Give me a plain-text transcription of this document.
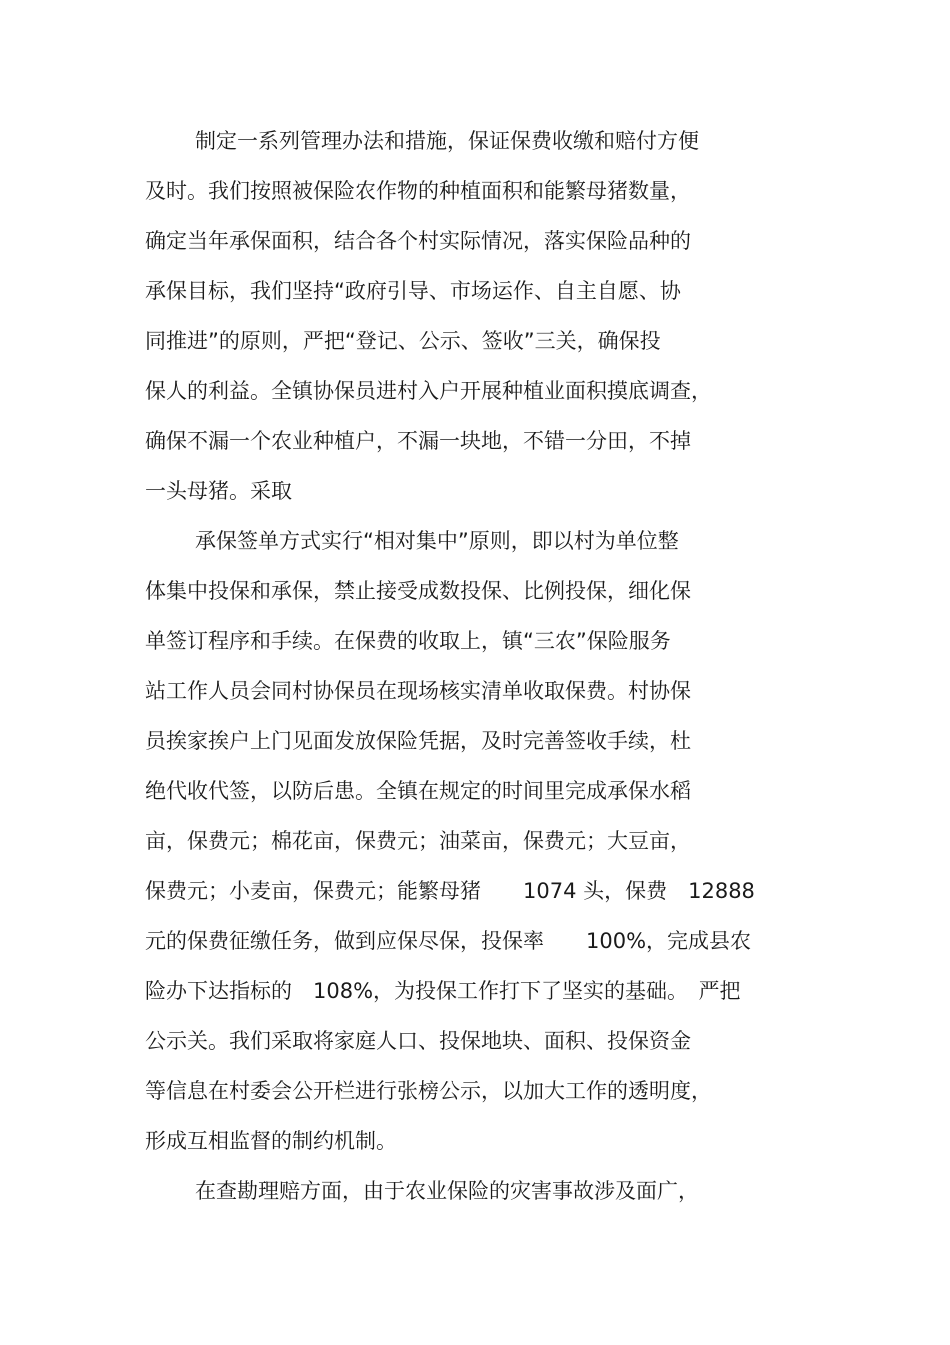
制定一系列管理办法和措施，保证保费收缴和赔付方便

及时。我们按照被保险农作物的种植面积和能繁母猪数量，

确定当年承保面积，结合各个村实际情况，落实保险品种的

承保目标，我们坚持“政府引导、市场运作、自主自愿、协

同推进”的原则，严把“登记、公示、签收”三关，确保投

保人的利益。全镇协保员进村入户开展种植业面积摸底调查，

确保不漏一个农业种植户，不漏一块地，不错一分田，不掉

一头母猪。采取

承保签单方式实行“相对集中”原则，即以村为单位整

体集中投保和承保，禁止接受成数投保、比例投保，细化保

单签订程序和手续。在保费的收取上，镇“三农”保险服务

站工作人员会同村协保员在现场核实清单收取保费。村协保

员挨家挨户上门见面发放保险凭据，及时完善签收手续，杜

绝代收代签，以防后患。全镇在规定的时间里完成承保水稻

亩，保费元；棉花亩，保费元；油菜亩，保费元；大豆亩，

保费元；小麦亩，保费元；能繁母猪　　1074 头，保费　12888

元的保费征缴任务，做到应保尽保，投保率　　100%，完成县农

险办下达指标的　108%，为投保工作打下了坚实的基础。　严把

公示关。我们采取将家庭人口、投保地块、面积、投保资金

等信息在村委会公开栏进行张榜公示，以加大工作的透明度，

形成互相监督的制约机制。

在查勘理赔方面，由于农业保险的灾害事故涉及面广，
